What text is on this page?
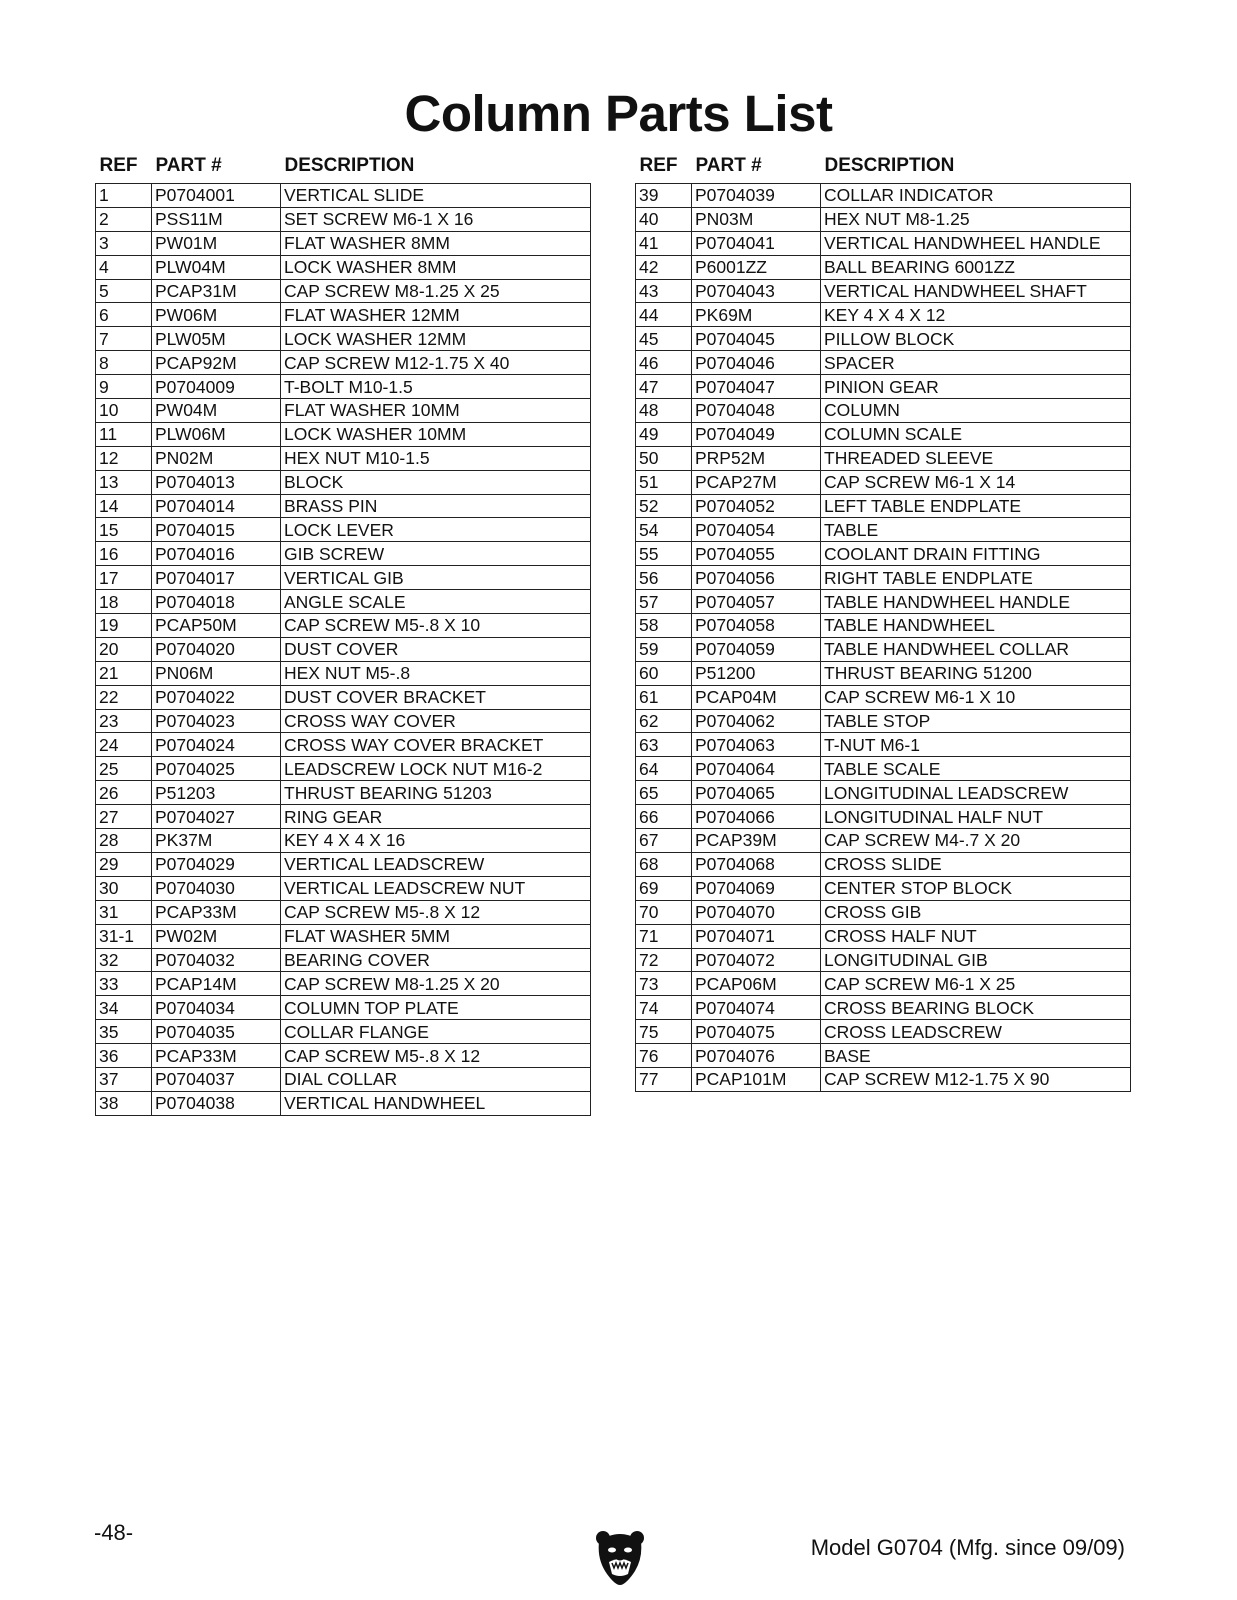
Column Parts List
REF	PART #	DESCRIPTION
1	P0704001	VERTICAL SLIDE
2	PSS11M	SET SCREW M6-1 X 16
3	PW01M	FLAT WASHER 8MM
4	PLW04M	LOCK WASHER 8MM
5	PCAP31M	CAP SCREW M8-1.25 X 25
6	PW06M	FLAT WASHER 12MM
7	PLW05M	LOCK WASHER 12MM
8	PCAP92M	CAP SCREW M12-1.75 X 40
9	P0704009	T-BOLT M10-1.5
10	PW04M	FLAT WASHER 10MM
11	PLW06M	LOCK WASHER 10MM
12	PN02M	HEX NUT M10-1.5
13	P0704013	BLOCK
14	P0704014	BRASS PIN
15	P0704015	LOCK LEVER
16	P0704016	GIB SCREW
17	P0704017	VERTICAL GIB
18	P0704018	ANGLE SCALE
19	PCAP50M	CAP SCREW M5-.8 X 10
20	P0704020	DUST COVER
21	PN06M	HEX NUT M5-.8
22	P0704022	DUST COVER BRACKET
23	P0704023	CROSS WAY COVER
24	P0704024	CROSS WAY COVER BRACKET
25	P0704025	LEADSCREW LOCK NUT M16-2
26	P51203	THRUST BEARING 51203
27	P0704027	RING GEAR
28	PK37M	KEY 4 X 4 X 16
29	P0704029	VERTICAL LEADSCREW
30	P0704030	VERTICAL LEADSCREW NUT
31	PCAP33M	CAP SCREW M5-.8 X 12
31-1	PW02M	FLAT WASHER 5MM
32	P0704032	BEARING COVER
33	PCAP14M	CAP SCREW M8-1.25 X 20
34	P0704034	COLUMN TOP PLATE
35	P0704035	COLLAR FLANGE
36	PCAP33M	CAP SCREW M5-.8 X 12
37	P0704037	DIAL COLLAR
38	P0704038	VERTICAL HANDWHEEL
REF	PART #	DESCRIPTION
39	P0704039	COLLAR INDICATOR
40	PN03M	HEX NUT M8-1.25
41	P0704041	VERTICAL HANDWHEEL HANDLE
42	P6001ZZ	BALL BEARING 6001ZZ
43	P0704043	VERTICAL HANDWHEEL SHAFT
44	PK69M	KEY 4 X 4 X 12
45	P0704045	PILLOW BLOCK
46	P0704046	SPACER
47	P0704047	PINION GEAR
48	P0704048	COLUMN
49	P0704049	COLUMN SCALE
50	PRP52M	THREADED SLEEVE
51	PCAP27M	CAP SCREW M6-1 X 14
52	P0704052	LEFT TABLE ENDPLATE
54	P0704054	TABLE
55	P0704055	COOLANT DRAIN FITTING
56	P0704056	RIGHT TABLE ENDPLATE
57	P0704057	TABLE HANDWHEEL HANDLE
58	P0704058	TABLE HANDWHEEL
59	P0704059	TABLE HANDWHEEL COLLAR
60	P51200	THRUST BEARING 51200
61	PCAP04M	CAP SCREW M6-1 X 10
62	P0704062	TABLE STOP
63	P0704063	T-NUT M6-1
64	P0704064	TABLE SCALE
65	P0704065	LONGITUDINAL LEADSCREW
66	P0704066	LONGITUDINAL HALF NUT
67	PCAP39M	CAP SCREW M4-.7 X 20
68	P0704068	CROSS SLIDE
69	P0704069	CENTER STOP BLOCK
70	P0704070	CROSS GIB
71	P0704071	CROSS HALF NUT
72	P0704072	LONGITUDINAL GIB
73	PCAP06M	CAP SCREW M6-1 X 25
74	P0704074	CROSS BEARING BLOCK
75	P0704075	CROSS LEADSCREW
76	P0704076	BASE
77	PCAP101M	CAP SCREW M12-1.75 X 90
-48-
Model G0704 (Mfg. since 09/09)
